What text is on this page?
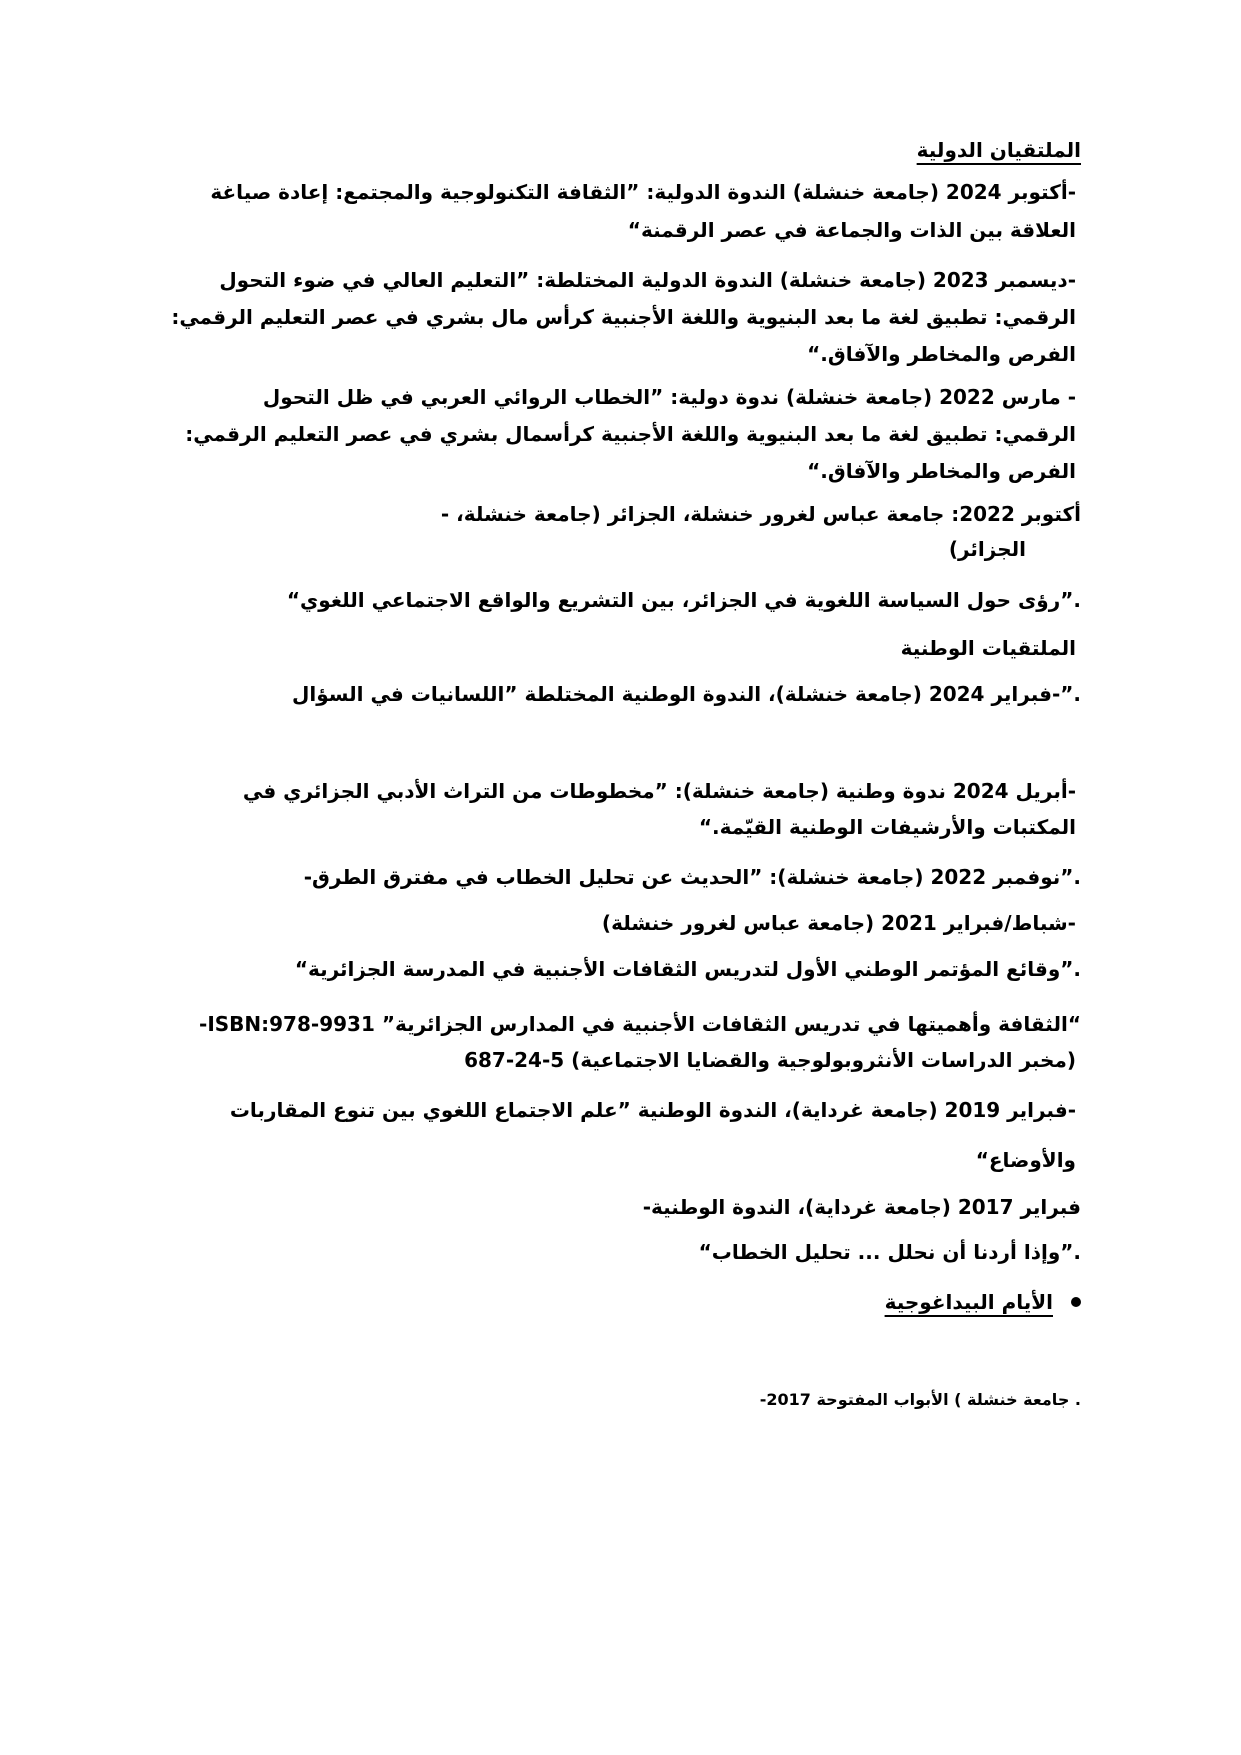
الملتقيان الدولية
-أكتوبر 2024 (جامعة خنشلة) الندوة الدولية: ”الثقافة التكنولوجية والمجتمع: إعادة صياغة
العلاقة بين الذات والجماعة في عصر الرقمنة“
-ديسمبر 2023 (جامعة خنشلة) الندوة الدولية المختلطة: ”التعليم العالي في ضوء التحول
الرقمي: تطبيق لغة ما بعد البنيوية واللغة الأجنبية كرأس مال بشري في عصر التعليم الرقمي:
الفرص والمخاطر والآفاق.“
- مارس 2022 (جامعة خنشلة) ندوة دولية: ”الخطاب الروائي العربي في ظل التحول
الرقمي: تطبيق لغة ما بعد البنيوية واللغة الأجنبية كرأسمال بشري في عصر التعليم الرقمي:
الفرص والمخاطر والآفاق.“
أكتوبر 2022: جامعة عباس لغرور خنشلة، الجزائر (جامعة خنشلة، -
الجزائر)
.”رؤى حول السياسة اللغوية في الجزائر، بين التشريع والواقع الاجتماعي اللغوي“
الملتقيات الوطنية
.”-فبراير 2024 (جامعة خنشلة)، الندوة الوطنية المختلطة ”اللسانيات في السؤال
-أبريل 2024 ندوة وطنية (جامعة خنشلة): ”مخطوطات من التراث الأدبي الجزائري في
المكتبات والأرشيفات الوطنية القيّمة.“
.”نوفمبر 2022 (جامعة خنشلة): ”الحديث عن تحليل الخطاب في مفترق الطرق-
-شباط/فبراير 2021 (جامعة عباس لغرور خنشلة)
.”وقائع المؤتمر الوطني الأول لتدريس الثقافات الأجنبية في المدرسة الجزائرية“
-ISBN:978-9931 ”الثقافة وأهميتها في تدريس الثقافات الأجنبية في المدارس الجزائرية“
(مخبر الدراسات الأنثروبولوجية والقضايا الاجتماعية) 5-24-687
-فبراير 2019 (جامعة غرداية)، الندوة الوطنية ”علم الاجتماع اللغوي بين تنوع المقاربات
والأوضاع“
فبراير 2017 (جامعة غرداية)، الندوة الوطنية-
.”وإذا أردنا أن نحلل ... تحليل الخطاب“
الأيام البيداغوجية
. جامعة خنشلة ) الأبواب المفتوحة 2017-
